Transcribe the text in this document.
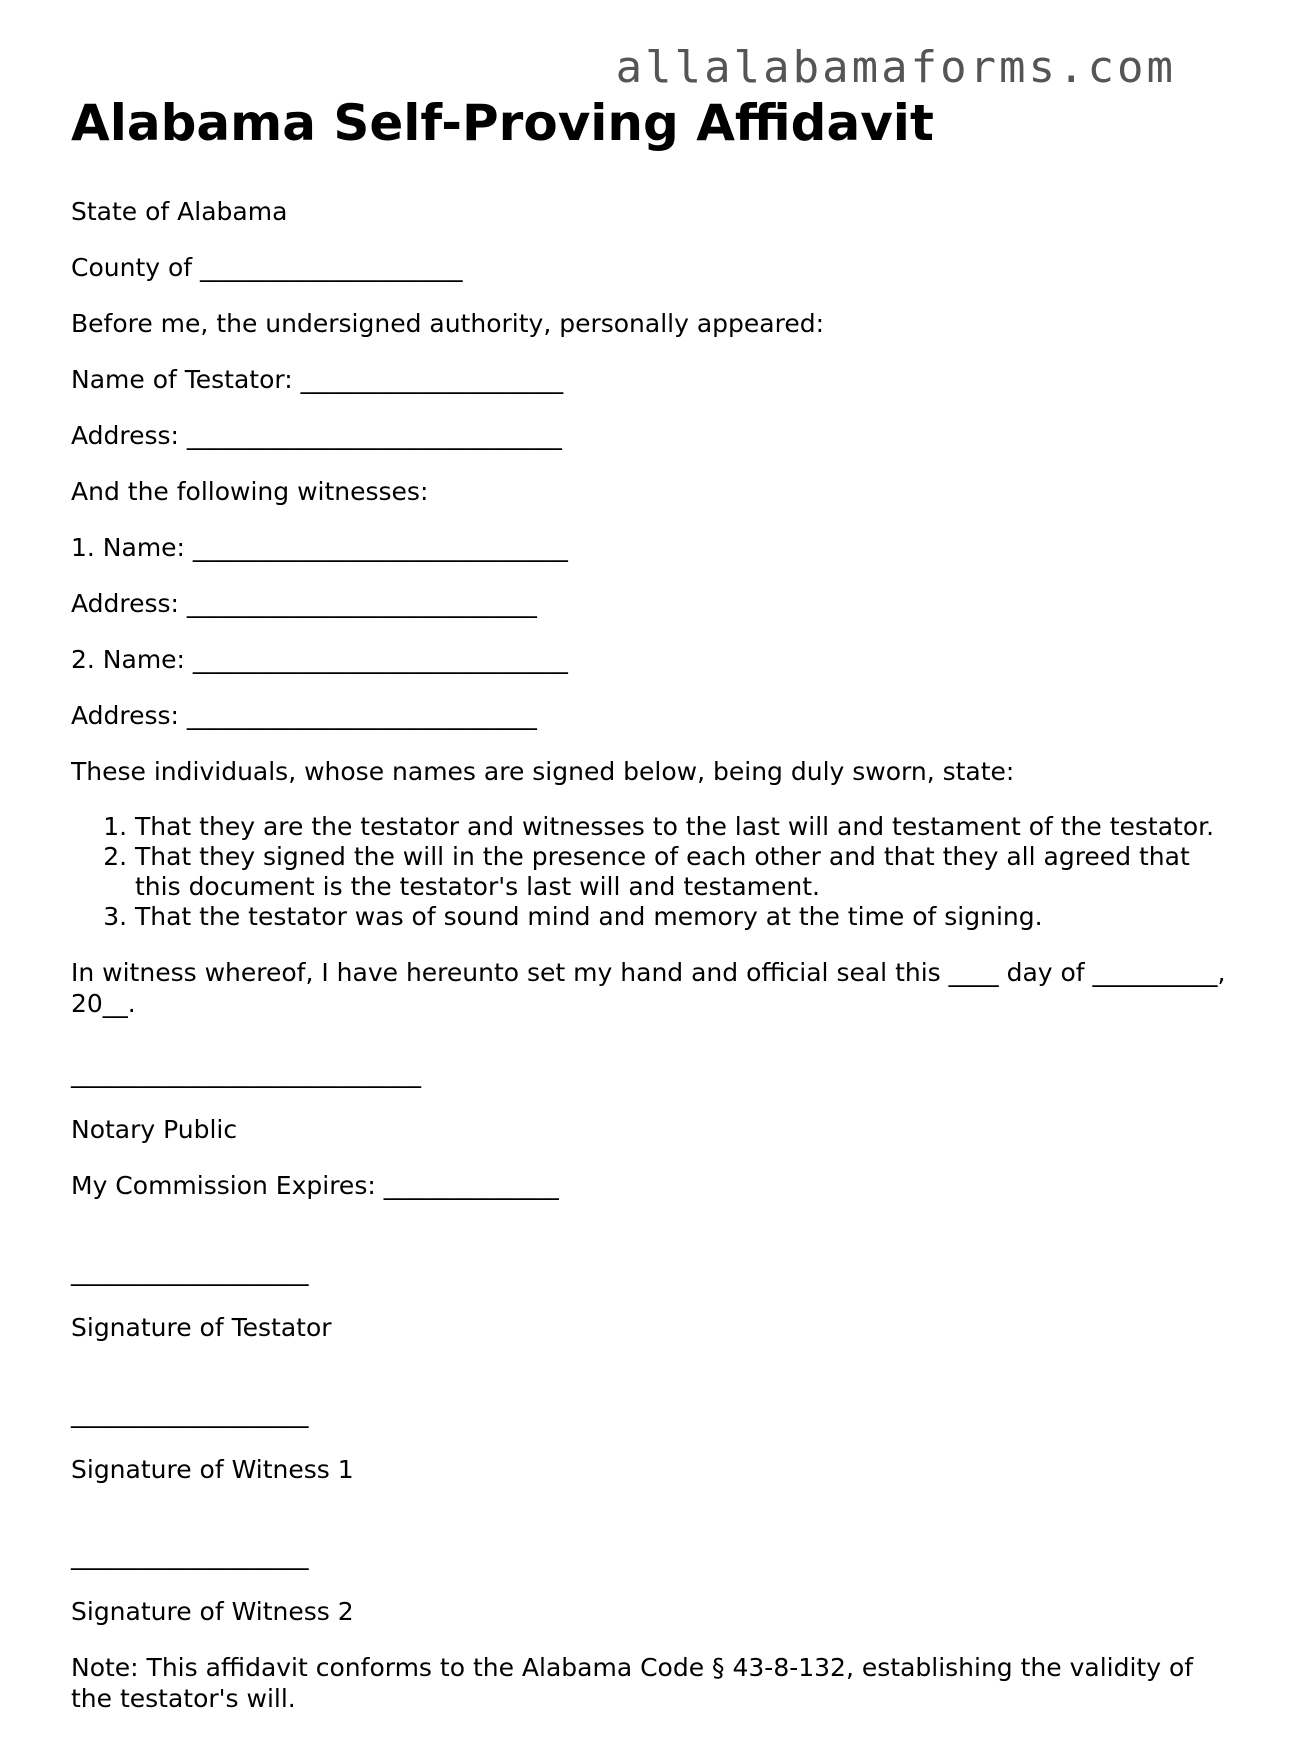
allalabamaforms.com
Alabama Self-Proving Affidavit

State of Alabama

County of _____________________

Before me, the undersigned authority, personally appeared:

Name of Testator: _____________________

Address: ______________________________

And the following witnesses:

1. Name: ______________________________

Address: ____________________________

2. Name: ______________________________

Address: ____________________________

These individuals, whose names are signed below, being duly sworn, state:

1. That they are the testator and witnesses to the last will and testament of the testator.
2. That they signed the will in the presence of each other and that they all agreed that this document is the testator's last will and testament.
3. That the testator was of sound mind and memory at the time of signing.

In witness whereof, I have hereunto set my hand and official seal this ____ day of __________, 20__.

____________________________

Notary Public

My Commission Expires: ______________

___________________

Signature of Testator

___________________

Signature of Witness 1

___________________

Signature of Witness 2

Note: This affidavit conforms to the Alabama Code § 43-8-132, establishing the validity of the testator's will.
